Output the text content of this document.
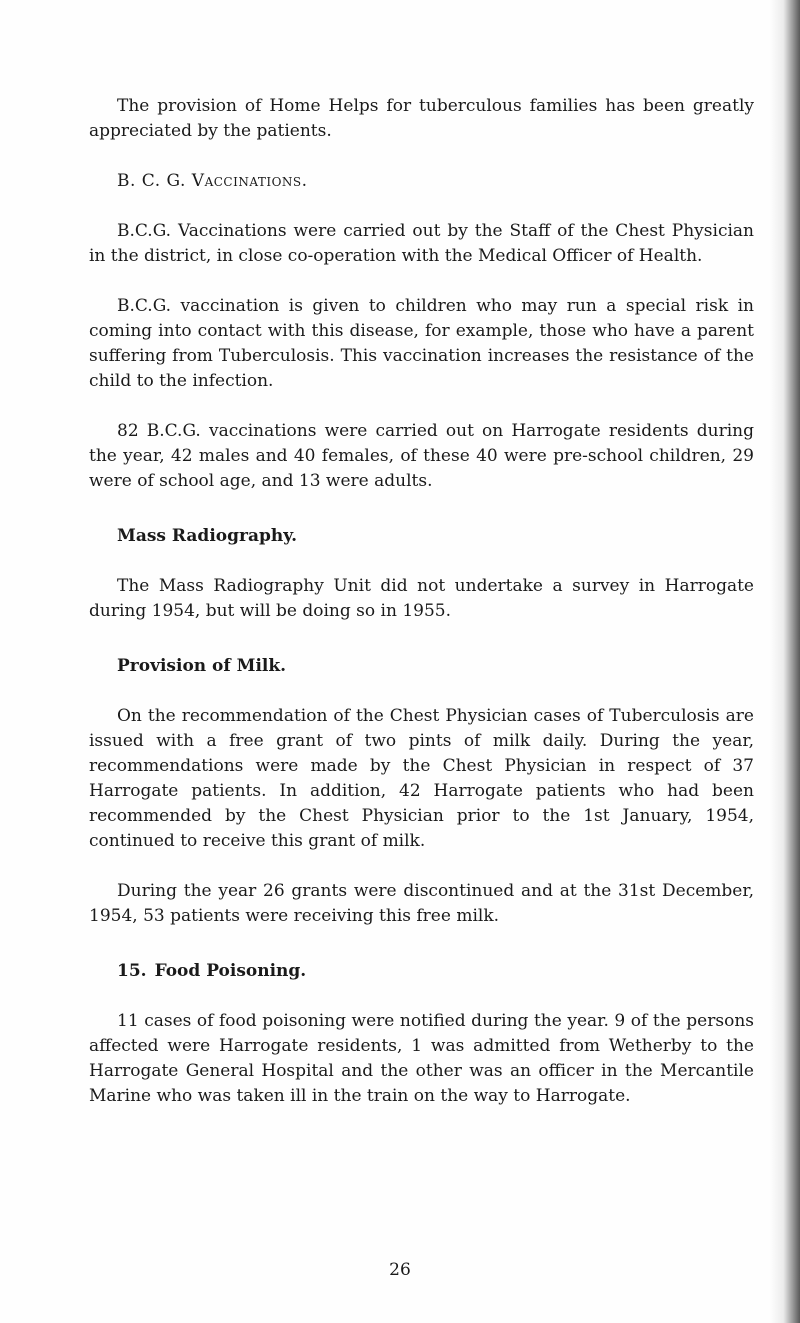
The provision of Home Helps for tuberculous families has been greatly appreciated by the patients.

B. C. G. Vaccinations.

B.C.G. Vaccinations were carried out by the Staff of the Chest Physician in the district, in close co-operation with the Medical Officer of Health.

B.C.G. vaccination is given to children who may run a special risk in coming into contact with this disease, for example, those who have a parent suffering from Tuberculosis. This vaccination increases the resistance of the child to the infection.

82 B.C.G. vaccinations were carried out on Harrogate residents during the year, 42 males and 40 females, of these 40 were pre-school children, 29 were of school age, and 13 were adults.

Mass Radiography.

The Mass Radiography Unit did not undertake a survey in Harrogate during 1954, but will be doing so in 1955.

Provision of Milk.

On the recommendation of the Chest Physician cases of Tuberculosis are issued with a free grant of two pints of milk daily. During the year, recommendations were made by the Chest Physician in respect of 37 Harrogate patients. In addition, 42 Harrogate patients who had been recommended by the Chest Physician prior to the 1st January, 1954, continued to receive this grant of milk.

During the year 26 grants were discontinued and at the 31st December, 1954, 53 patients were receiving this free milk.

15. Food Poisoning.

11 cases of food poisoning were notified during the year. 9 of the persons affected were Harrogate residents, 1 was admitted from Wetherby to the Harrogate General Hospital and the other was an officer in the Mercantile Marine who was taken ill in the train on the way to Harrogate.

26
